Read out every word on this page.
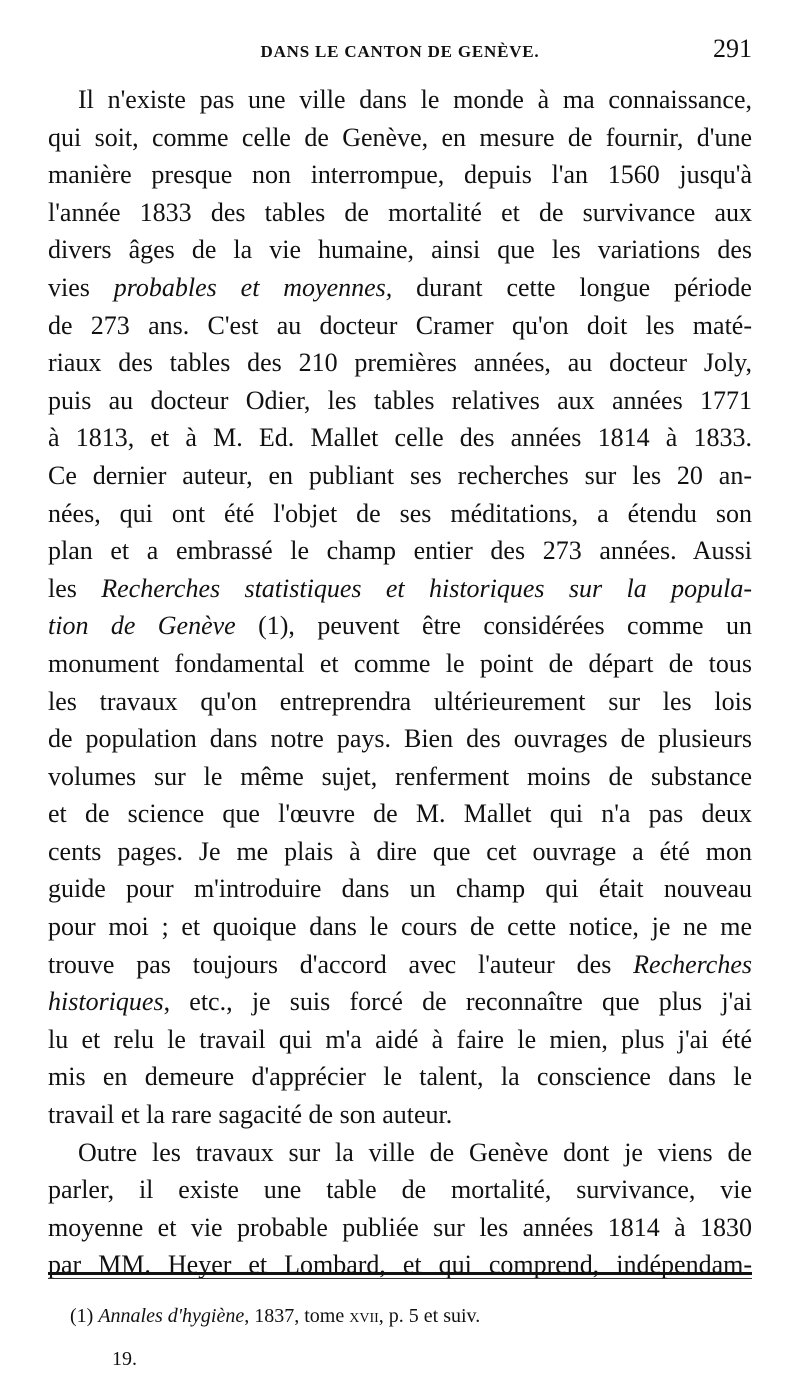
DANS LE CANTON DE GENÈVE.	291
Il n'existe pas une ville dans le monde à ma connaissance,
qui soit, comme celle de Genève, en mesure de fournir, d'une
manière presque non interrompue, depuis l'an 1560 jusqu'à
l'année 1833 des tables de mortalité et de survivance aux
divers âges de la vie humaine, ainsi que les variations des
vies probables et moyennes, durant cette longue période
de 273 ans. C'est au docteur Cramer qu'on doit les maté-
riaux des tables des 210 premières années, au docteur Joly,
puis au docteur Odier, les tables relatives aux années 1771
à 1813, et à M. Ed. Mallet celle des années 1814 à 1833.
Ce dernier auteur, en publiant ses recherches sur les 20 an-
nées, qui ont été l'objet de ses méditations, a étendu son
plan et a embrassé le champ entier des 273 années. Aussi
les Recherches statistiques et historiques sur la popula-
tion de Genève (1), peuvent être considérées comme un
monument fondamental et comme le point de départ de tous
les travaux qu'on entreprendra ultérieurement sur les lois
de population dans notre pays. Bien des ouvrages de plusieurs
volumes sur le même sujet, renferment moins de substance
et de science que l'œuvre de M. Mallet qui n'a pas deux
cents pages. Je me plais à dire que cet ouvrage a été mon
guide pour m'introduire dans un champ qui était nouveau
pour moi ; et quoique dans le cours de cette notice, je ne me
trouve pas toujours d'accord avec l'auteur des Recherches
historiques, etc., je suis forcé de reconnaître que plus j'ai
lu et relu le travail qui m'a aidé à faire le mien, plus j'ai été
mis en demeure d'apprécier le talent, la conscience dans le
travail et la rare sagacité de son auteur.
Outre les travaux sur la ville de Genève dont je viens de
parler, il existe une table de mortalité, survivance, vie
moyenne et vie probable publiée sur les années 1814 à 1830
par MM. Heyer et Lombard, et qui comprend, indépendam-
(1) Annales d'hygiène, 1837, tome xvii, p. 5 et suiv.
19.
